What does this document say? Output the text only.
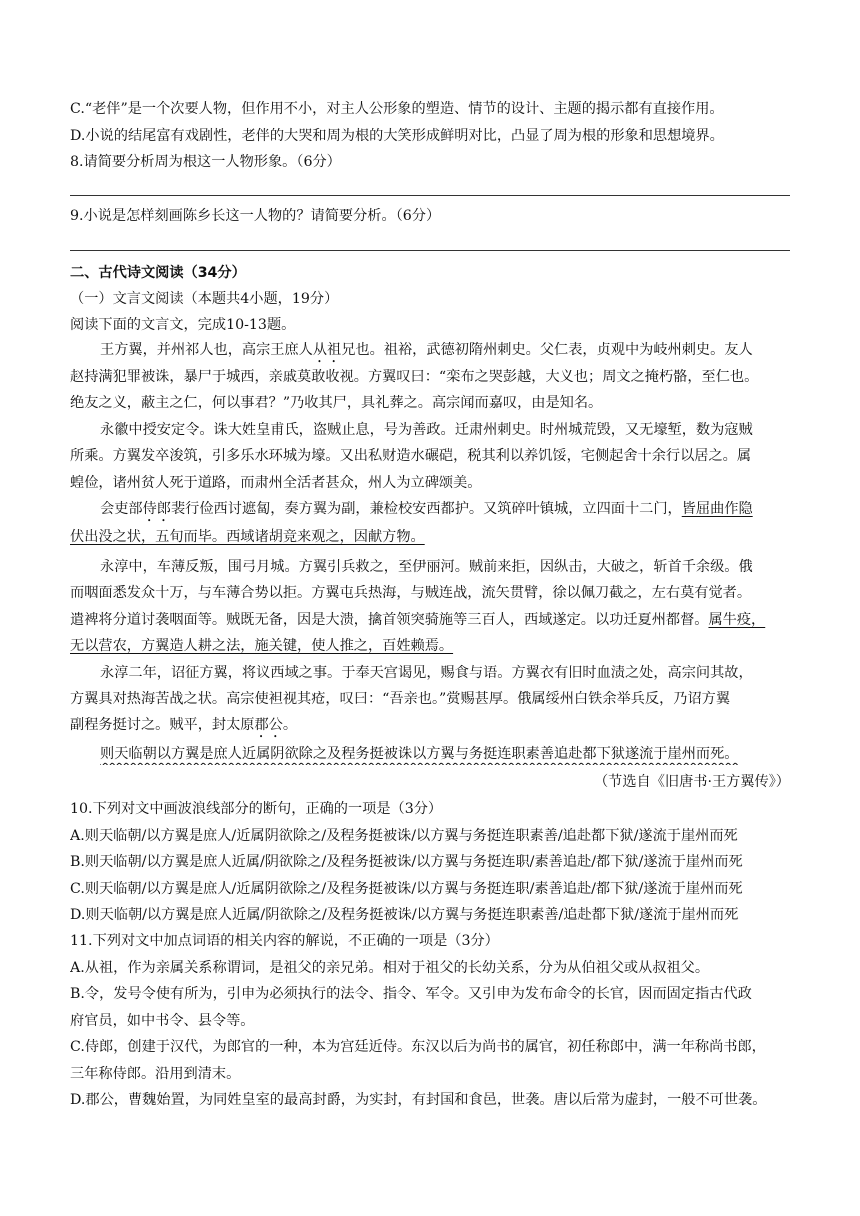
C.“老伴”是一个次要人物，但作用不小，对主人公形象的塑造、情节的设计、主题的揭示都有直接作用。
D.小说的结尾富有戏剧性，老伴的大哭和周为根的大笑形成鲜明对比，凸显了周为根的形象和思想境界。
8.请简要分析周为根这一人物形象。（6分）
9.小说是怎样刻画陈乡长这一人物的？请简要分析。（6分）
二、古代诗文阅读（34分）
（一）文言文阅读（本题共4小题，19分）
阅读下面的文言文，完成10-13题。
王方翼，并州祁人也，高宗王庶人从祖兄也。祖裕，武德初隋州刺史。父仁表，贞观中为岐州刺史。友人
赵持满犯罪被诛，暴尸于城西，亲戚莫敢收视。方翼叹曰：“栾布之哭彭越，大义也；周文之掩朽骼，至仁也。
绝友之义，蔽主之仁，何以事君？”乃收其尸，具礼葬之。高宗闻而嘉叹，由是知名。
永徽中授安定令。诛大姓皇甫氏，盗贼止息，号为善政。迁肃州刺史。时州城荒毁，又无壕堑，数为寇贼
所乘。方翼发卒浚筑，引多乐水环城为壕。又出私财造水碾硙，税其利以养饥馁，宅侧起舍十余行以居之。属
蝗俭，诸州贫人死于道路，而肃州全活者甚众，州人为立碑颂美。
会吏部侍郎裴行俭西讨遮匐，奏方翼为副，兼检校安西都护。又筑碎叶镇城，立四面十二门，皆屈曲作隐
伏出没之状，五旬而毕。西域诸胡竞来观之，因献方物。
永淳中，车薄反叛，围弓月城。方翼引兵救之，至伊丽河。贼前来拒，因纵击，大破之，斩首千余级。俄
而咽面悉发众十万，与车薄合势以拒。方翼屯兵热海，与贼连战，流矢贯臂，徐以佩刀截之，左右莫有觉者。
遣裨将分道讨袭咽面等。贼既无备，因是大溃，擒首领突骑施等三百人，西域遂定。以功迁夏州都督。属牛疫，
无以营农，方翼造人耕之法，施关键，使人推之，百姓赖焉。
永淳二年，诏征方翼，将议西域之事。于奉天宫谒见，赐食与语。方翼衣有旧时血渍之处，高宗问其故，
方翼具对热海苦战之状。高宗使袒视其疮，叹曰：“吾亲也。”赏赐甚厚。俄属绥州白铁余举兵反，乃诏方翼
副程务挺讨之。贼平，封太原郡公。
则天临朝以方翼是庶人近属阴欲除之及程务挺被诛以方翼与务挺连职素善追赴都下狱遂流于崖州而死。
（节选自《旧唐书·王方翼传》）
10.下列对文中画波浪线部分的断句，正确的一项是（3分）
A.则天临朝/以方翼是庶人/近属阴欲除之/及程务挺被诛/以方翼与务挺连职素善/追赴都下狱/遂流于崖州而死
B.则天临朝/以方翼是庶人近属/阴欲除之/及程务挺被诛/以方翼与务挺连职/素善追赴/都下狱/遂流于崖州而死
C.则天临朝/以方翼是庶人/近属阴欲除之/及程务挺被诛/以方翼与务挺连职/素善追赴/都下狱/遂流于崖州而死
D.则天临朝/以方翼是庶人近属/阴欲除之/及程务挺被诛/以方翼与务挺连职素善/追赴都下狱/遂流于崖州而死
11.下列对文中加点词语的相关内容的解说，不正确的一项是（3分）
A.从祖，作为亲属关系称谓词，是祖父的亲兄弟。相对于祖父的长幼关系，分为从伯祖父或从叔祖父。
B.令，发号令使有所为，引申为必须执行的法令、指令、军令。又引申为发布命令的长官，因而固定指古代政
府官员，如中书令、县令等。
C.侍郎，创建于汉代，为郎官的一种，本为宫廷近侍。东汉以后为尚书的属官，初任称郎中，满一年称尚书郎，
三年称侍郎。沿用到清末。
D.郡公，曹魏始置，为同姓皇室的最高封爵，为实封，有封国和食邑，世袭。唐以后常为虚封，一般不可世袭。
